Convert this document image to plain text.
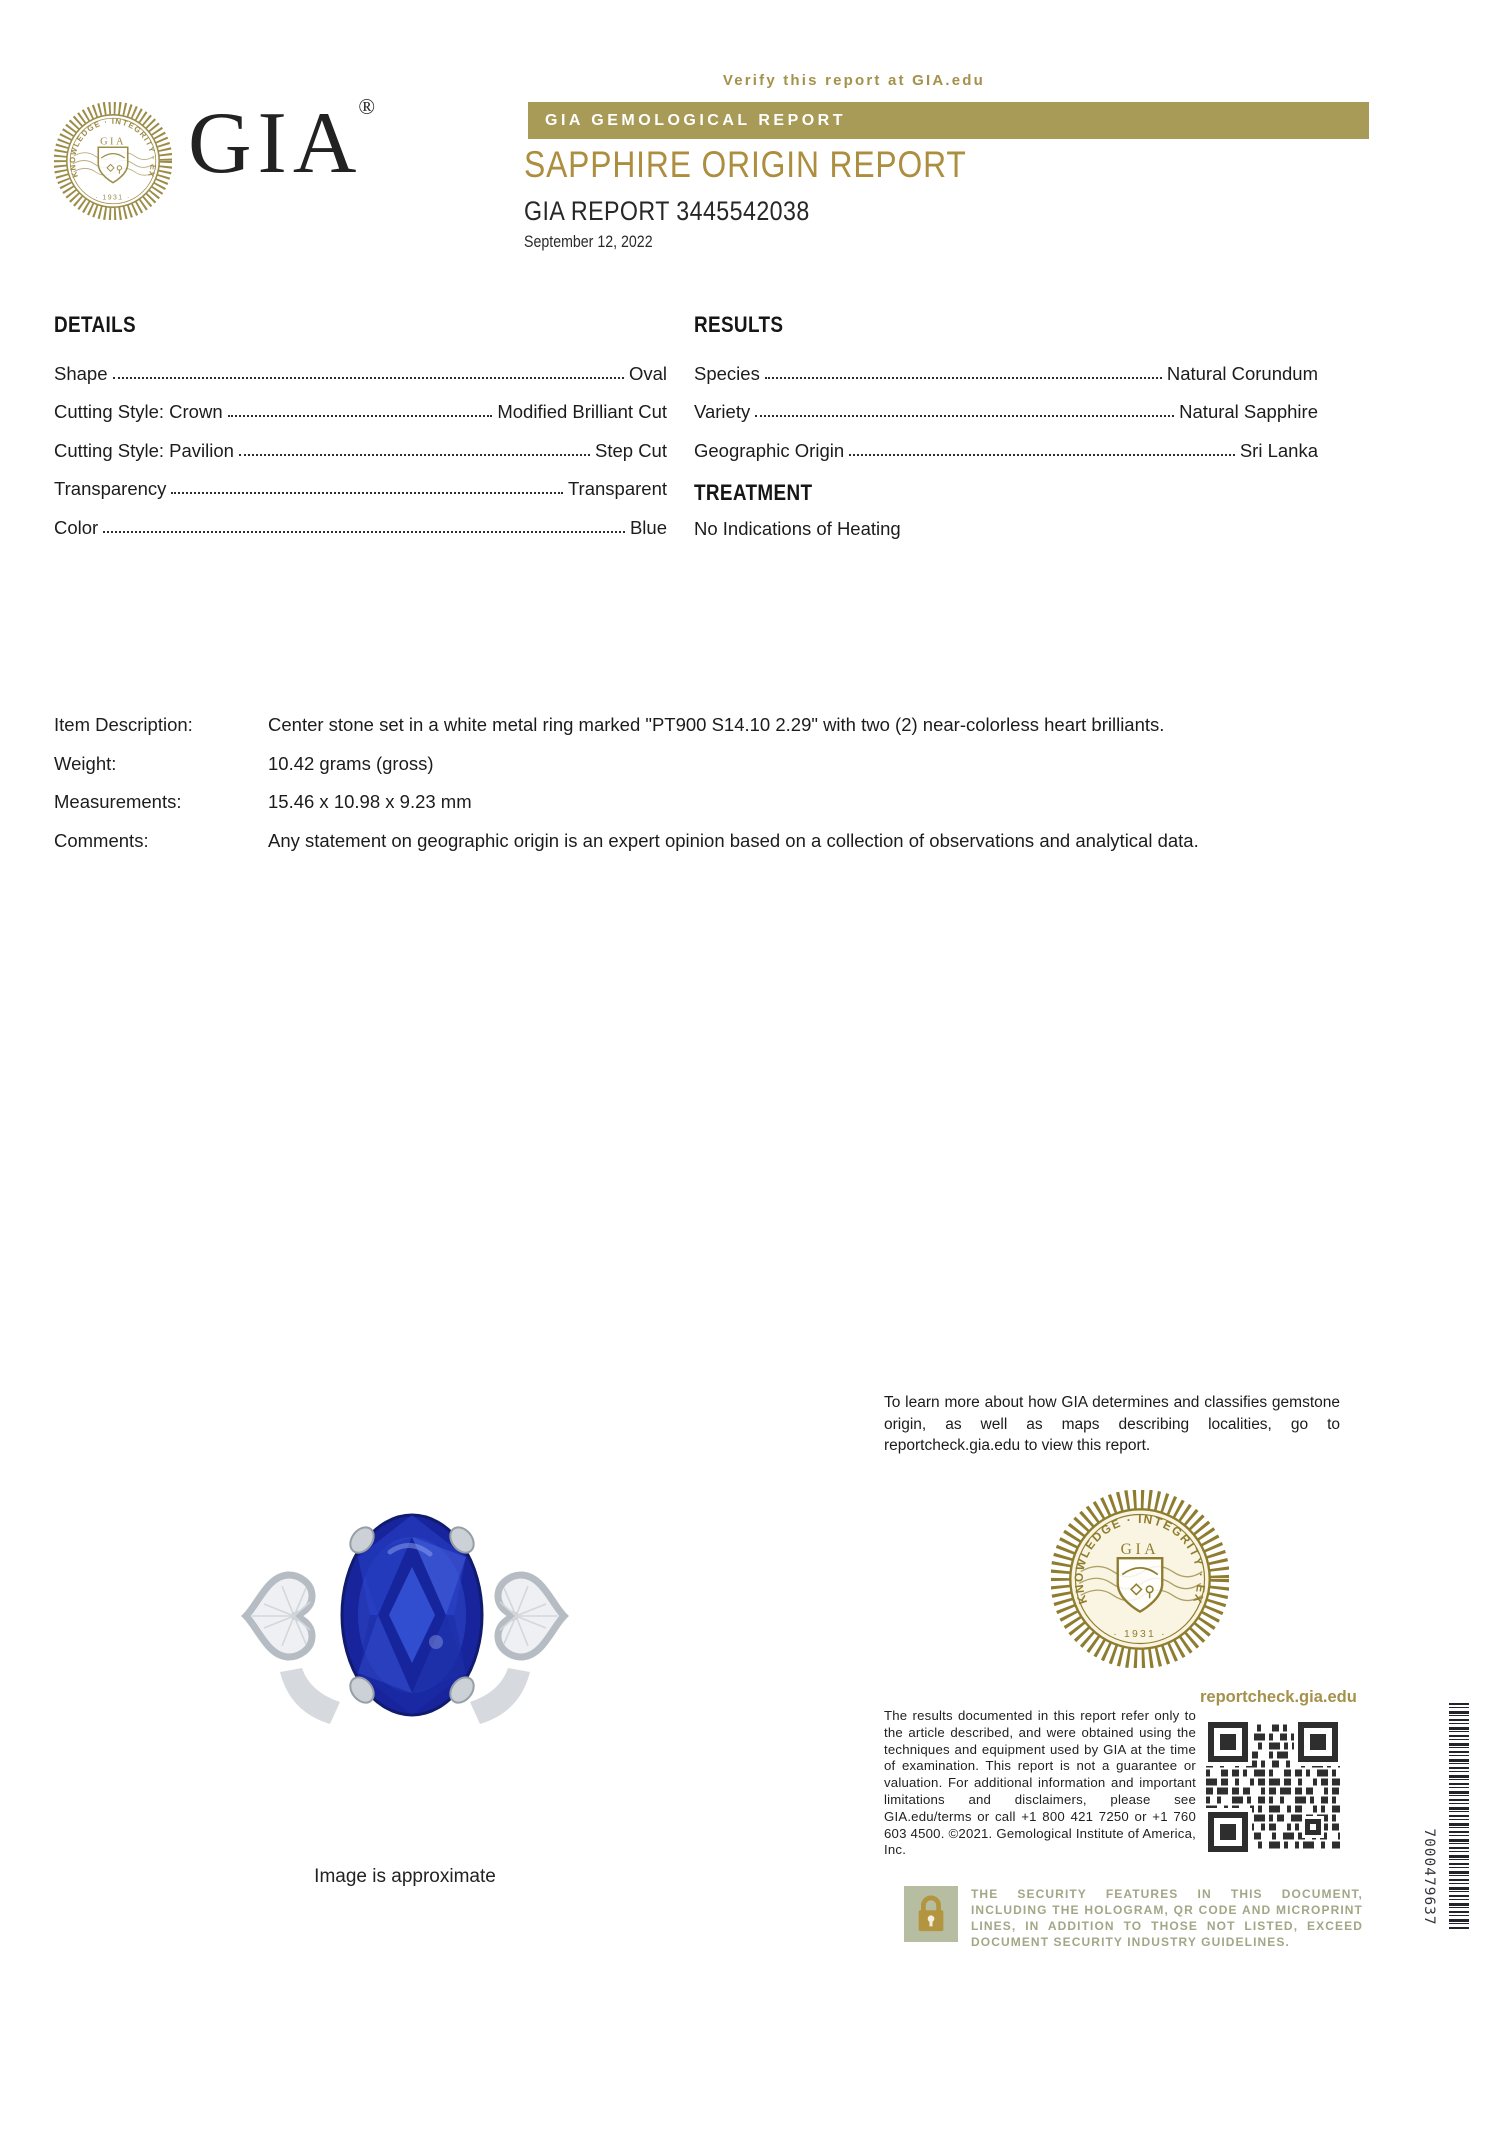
GIA®
Verify this report at GIA.edu
GIA GEMOLOGICAL REPORT
SAPPHIRE ORIGIN REPORT
GIA REPORT 3445542038
September 12, 2022
DETAILS
Shape	Oval
Cutting Style: Crown	Modified Brilliant Cut
Cutting Style: Pavilion	Step Cut
Transparency	Transparent
Color	Blue
RESULTS
Species	Natural Corundum
Variety	Natural Sapphire
Geographic Origin	Sri Lanka
TREATMENT
No Indications of Heating
Item Description:	Center stone set in a white metal ring marked "PT900 S14.10 2.29" with two (2) near-colorless heart brilliants.
Weight:	10.42 grams (gross)
Measurements:	15.46 x 10.98 x 9.23 mm
Comments:	Any statement on geographic origin is an expert opinion based on a collection of observations and analytical data.
To learn more about how GIA determines and classifies gemstone origin, as well as maps describing localities, go to reportcheck.gia.edu to view this report.
Image is approximate
reportcheck.gia.edu
The results documented in this report refer only to the article described, and were obtained using the techniques and equipment used by GIA at the time of examination. This report is not a guarantee or valuation. For additional information and important limitations and disclaimers, please see GIA.edu/terms or call +1 800 421 7250 or +1 760 603 4500. ©2021. Gemological Institute of America, Inc.
THE SECURITY FEATURES IN THIS DOCUMENT, INCLUDING THE HOLOGRAM, QR CODE AND MICROPRINT LINES, IN ADDITION TO THOSE NOT LISTED, EXCEED DOCUMENT SECURITY INDUSTRY GUIDELINES.
7000479637
